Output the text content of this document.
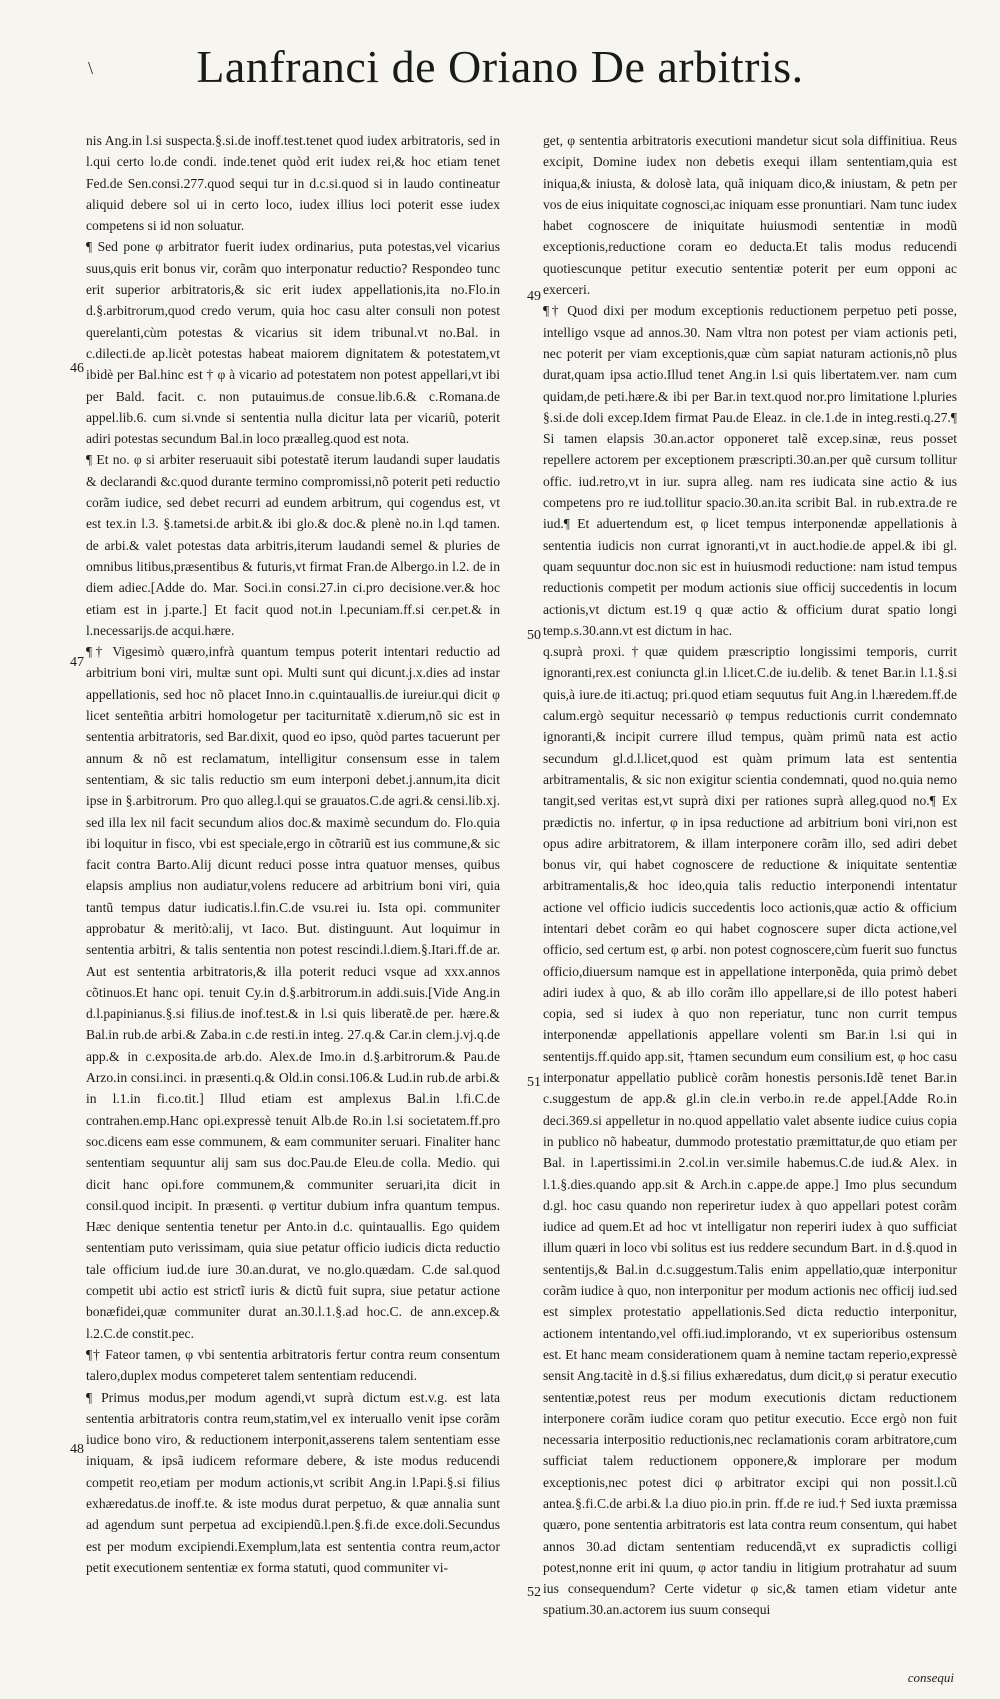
\	Lanfranci de Oriano De arbitris.

nis Ang.in l.si suspecta.§.si.de inoff.test.tenet quod iudex arbitratoris, sed in l.qui certo lo.de condi. inde.tenet quòd erit iudex rei,& hoc etiam tenet Fed.de Sen.consi.277.quod sequi tur in d.c.si.quod si in laudo contineatur aliquid debere sol ui in certo loco, iudex illius loci poterit esse iudex competens si id non soluatur.

¶ Sed pone φ arbitrator fuerit iudex ordinarius, puta potestas,vel vicarius suus,quis erit bonus vir, corãm quo interponatur reductio? Respondeo tunc erit superior arbitratoris,& sic erit iudex appellationis,ita no.Flo.in d.§.arbitrorum,quod credo verum, quia hoc casu alter consuli non potest querelanti,cùm potestas & vicarius sit idem tribunal.vt no.Bal. in c.dilecti.de ap.licèt potestas habeat maiorem dignitatem & potestatem,vt ibidè per Bal.hinc est † φ à vicario ad potestatem non potest appellari,vt ibi per Bald. facit. c. non putauimus.de consue.lib.6.& c.Romana.de appel.lib.6. cum si.vnde si sententia nulla dicitur lata per vicariũ, poterit adiri potestas secundum Bal.in loco præalleg.quod est nota.

¶ Et no. φ si arbiter reseruauit sibi potestatẽ iterum laudandi super laudatis & declarandi &c.quod durante termino compromissi,nõ poterit peti reductio corãm iudice, sed debet recurri ad eundem arbitrum, qui cogendus est, vt est tex.in l.3. §.tametsi.de arbit.& ibi glo.& doc.& plenè no.in l.qd tamen. de arbi.& valet potestas data arbitris,iterum laudandi semel & pluries de omnibus litibus,præsentibus & futuris,vt firmat Fran.de Albergo.in l.2. de in diem adiec.[Adde do. Mar. Soci.in consi.27.in ci.pro decisione.ver.& hoc etiam est in j.parte.] Et facit quod not.in l.pecuniam.ff.si cer.pet.& in l.necessarijs.de acqui.hære.

¶† Vigesimò quæro,infrà quantum tempus poterit intentari reductio ad arbitrium boni viri, multæ sunt opi. Multi sunt qui dicunt.j.x.dies ad instar appellationis, sed hoc nõ placet Inno.in c.quintauallis.de iureiur.qui dicit φ licet senteñtia arbitri homologetur per taciturnitatẽ x.dierum,nõ sic est in sententia arbitratoris, sed Bar.dixit, quod eo ipso, quòd partes tacuerunt per annum & nõ est reclamatum, intelligitur consensum esse in talem sententiam, & sic talis reductio sm eum interponi debet.j.annum,ita dicit ipse in §.arbitrorum. Pro quo alleg.l.qui se grauatos.C.de agri.& censi.lib.xj. sed illa lex nil facit secundum alios doc.& maximè secundum do. Flo.quia ibi loquitur in fisco, vbi est speciale,ergo in cõtrariũ est ius commune,& sic facit contra Barto.Alij dicunt reduci posse intra quatuor menses, quibus elapsis amplius non audiatur,volens reducere ad arbitrium boni viri, quia tantũ tempus datur iudicatis.l.fin.C.de vsu.rei iu. Ista opi. communiter approbatur & meritò:alij, vt Iaco. But. distinguunt. Aut loquimur in sententia arbitri, & talis sententia non potest rescindi.l.diem.§.Itari.ff.de ar. Aut est sententia arbitratoris,& illa poterit reduci vsque ad xxx.annos cõtinuos.Et hanc opi. tenuit Cy.in d.§.arbitrorum.in addi.suis.[Vide Ang.in d.l.papinianus.§.si filius.de inof.test.& in l.si quis liberatẽ.de per. hære.& Bal.in rub.de arbi.& Zaba.in c.de resti.in integ. 27.q.& Car.in clem.j.vj.q.de app.& in c.exposita.de arb.do. Alex.de Imo.in d.§.arbitrorum.& Pau.de Arzo.in consi.inci. in præsenti.q.& Old.in consi.106.& Lud.in rub.de arbi.& in l.1.in fi.co.tit.] Illud etiam est amplexus Bal.in l.fi.C.de contrahen.emp.Hanc opi.expressè tenuit Alb.de Ro.in l.si societatem.ff.pro soc.dicens eam esse communem, & eam communiter seruari. Finaliter hanc sententiam sequuntur alij sam sus doc.Pau.de Eleu.de colla. Medio. qui dicit hanc opi.fore communem,& communiter seruari,ita dicit in consil.quod incipit. In præsenti. φ vertitur dubium infra quantum tempus. Hæc denique sententia tenetur per Anto.in d.c. quintauallis. Ego quidem sententiam puto verissimam, quia siue petatur officio iudicis dicta reductio tale officium iud.de iure 30.an.durat, ve no.glo.quædam. C.de sal.quod competit ubi actio est strictĩ iuris & dictũ fuit supra, siue petatur actione bonæfidei,quæ communiter durat an.30.l.1.§.ad hoc.C. de ann.excep.& l.2.C.de constit.pec.

¶† Fateor tamen, φ vbi sententia arbitratoris fertur contra reum consentum talero,duplex modus competeret talem sententiam reducendi.

¶ Primus modus,per modum agendi,vt suprà dictum est.v.g. est lata sententia arbitratoris contra reum,statim,vel ex interuallo venit ipse corãm iudice bono viro, & reductionem interponit,asserens talem sententiam esse iniquam, & ipsã iudicem reformare debere, & iste modus reducendi competit reo,etiam per modum actionis,vt scribit Ang.in l.Papi.§.si filius exhæredatus.de inoff.te. & iste modus durat perpetuo, & quæ annalia sunt ad agendum sunt perpetua ad excipiendũ.l.pen.§.fi.de exce.doli.Secundus est per modum excipiendi.Exemplum,lata est sententia contra reum,actor petit executionem sententiæ ex forma statuti, quod communiter vi-

get, φ sententia arbitratoris executioni mandetur sicut sola diffinitiua. Reus excipit, Domine iudex non debetis exequi illam sententiam,quia est iniqua,& iniusta, & dolosè lata, quã iniquam dico,& iniustam, & petn per vos de eius iniquitate cognosci,ac iniquam esse pronuntiari. Nam tunc iudex habet cognoscere de iniquitate huiusmodi sententiæ in modũ exceptionis,reductione coram eo deducta.Et talis modus reducendi quotiescunque petitur executio sententiæ poterit per eum opponi ac exerceri.

¶† Quod dixi per modum exceptionis reductionem perpetuo peti posse, intelligo vsque ad annos.30. Nam vltra non potest per viam actionis peti, nec poterit per viam exceptionis,quæ cùm sapiat naturam actionis,nõ plus durat,quam ipsa actio.Illud tenet Ang.in l.si quis libertatem.ver. nam cum quidam,de peti.hære.& ibi per Bar.in text.quod nor.pro limitatione l.pluries §.si.de doli excep.Idem firmat Pau.de Eleaz. in cle.1.de in integ.resti.q.27.¶ Si tamen elapsis 30.an.actor opponeret talẽ excep.sinæ, reus posset repellere actorem per exceptionem præscripti.30.an.per quẽ cursum tollitur offic. iud.retro,vt in iur. supra alleg. nam res iudicata sine actio & ius competens pro re iud.tollitur spacio.30.an.ita scribit Bal. in rub.extra.de re iud.¶ Et aduertendum est, φ licet tempus interponendæ appellationis à sententia iudicis non currat ignoranti,vt in auct.hodie.de appel.& ibi gl. quam sequuntur doc.non sic est in huiusmodi reductione: nam istud tempus reductionis competit per modum actionis siue officij succedentis in locum actionis,vt dictum est.19 q quæ actio & officium durat spatio longi temp.s.30.ann.vt est dictum in hac.

q.suprà proxi.†quæ quidem præscriptio longissimi temporis, currit ignoranti,rex.est coniuncta gl.in l.licet.C.de iu.delib. & tenet Bar.in l.1.§.si quis,à iure.de iti.actuq; pri.quod etiam sequutus fuit Ang.in l.hæredem.ff.de calum.ergò sequitur necessariò φ tempus reductionis currit condemnato ignoranti,& incipit currere illud tempus, quàm primũ nata est actio secundum gl.d.l.licet,quod est quàm primum lata est sententia arbitramentalis, & sic non exigitur scientia condemnati, quod no.quia nemo tangit,sed veritas est,vt suprà dixi per rationes suprà alleg.quod no.¶ Ex prædictis no. infertur, φ in ipsa reductione ad arbitrium boni viri,non est opus adire arbitratorem, & illam interponere corãm illo, sed adiri debet bonus vir, qui habet cognoscere de reductione & iniquitate sententiæ arbitramentalis,& hoc ideo,quia talis reductio interponendi intentatur actione vel officio iudicis succedentis loco actionis,quæ actio & officium intentari debet corãm eo qui habet cognoscere super dicta actione,vel officio, sed certum est, φ arbi. non potest cognoscere,cùm fuerit suo functus officio,diuersum namque est in appellatione interponẽda, quia primò debet adiri iudex à quo, & ab illo corãm illo appellare,si de illo potest haberi copia, sed si iudex à quo non reperiatur, tunc non currit tempus interponendæ appellationis appellare volenti sm Bar.in l.si qui in sententijs.ff.quido app.sit, †tamen secundum eum consilium est, φ hoc casu interponatur appellatio publicè corãm honestis personis.Idẽ tenet Bar.in c.suggestum de app.& gl.in cle.in verbo.in re.de appel.[Adde Ro.in deci.369.si appelletur in no.quod appellatio valet absente iudice cuius copia in publico nõ habeatur, dummodo protestatio præmittatur,de quo etiam per Bal. in l.apertissimi.in 2.col.in ver.simile habemus.C.de iud.& Alex. in l.1.§.dies.quando app.sit & Arch.in c.appe.de appe.] Imo plus secundum d.gl. hoc casu quando non reperiretur iudex à quo appellari potest corãm iudice ad quem.Et ad hoc vt intelligatur non reperiri iudex à quo sufficiat illum quæri in loco vbi solitus est ius reddere secundum Bart. in d.§.quod in sententijs,& Bal.in d.c.suggestum.Talis enim appellatio,quæ interponitur corãm iudice à quo, non interponitur per modum actionis nec officij iud.sed est simplex protestatio appellationis.Sed dicta reductio interponitur, actionem intentando,vel offi.iud.implorando, vt ex superioribus ostensum est. Et hanc meam considerationem quam à nemine tactam reperio,expressè sensit Ang.tacitè in d.§.si filius exhæredatus, dum dicit,φ si peratur executio sententiæ,potest reus per modum executionis dictam reductionem interponere corãm iudice coram quo petitur executio. Ecce ergò non fuit necessaria interpositio reductionis,nec reclamationis coram arbitratore,cum sufficiat talem reductionem opponere,& implorare per modum exceptionis,nec potest dici φ arbitrator excipi qui non possit.l.cũ antea.§.fi.C.de arbi.& l.a diuo pio.in prin. ff.de re iud.† Sed iuxta præmissa quæro, pone sententia arbitratoris est lata contra reum consentum, qui habet annos 30.ad dictam sententiam reducendã,vt ex supradictis colligi potest,nonne erit ini quum, φ actor tandiu in litigium protrahatur ad suum ius consequendum? Certe videtur φ sic,& tamen etiam videtur ante spatium.30.an.actorem ius suum consequi

46
47
48
49
50
51
52
consequi
